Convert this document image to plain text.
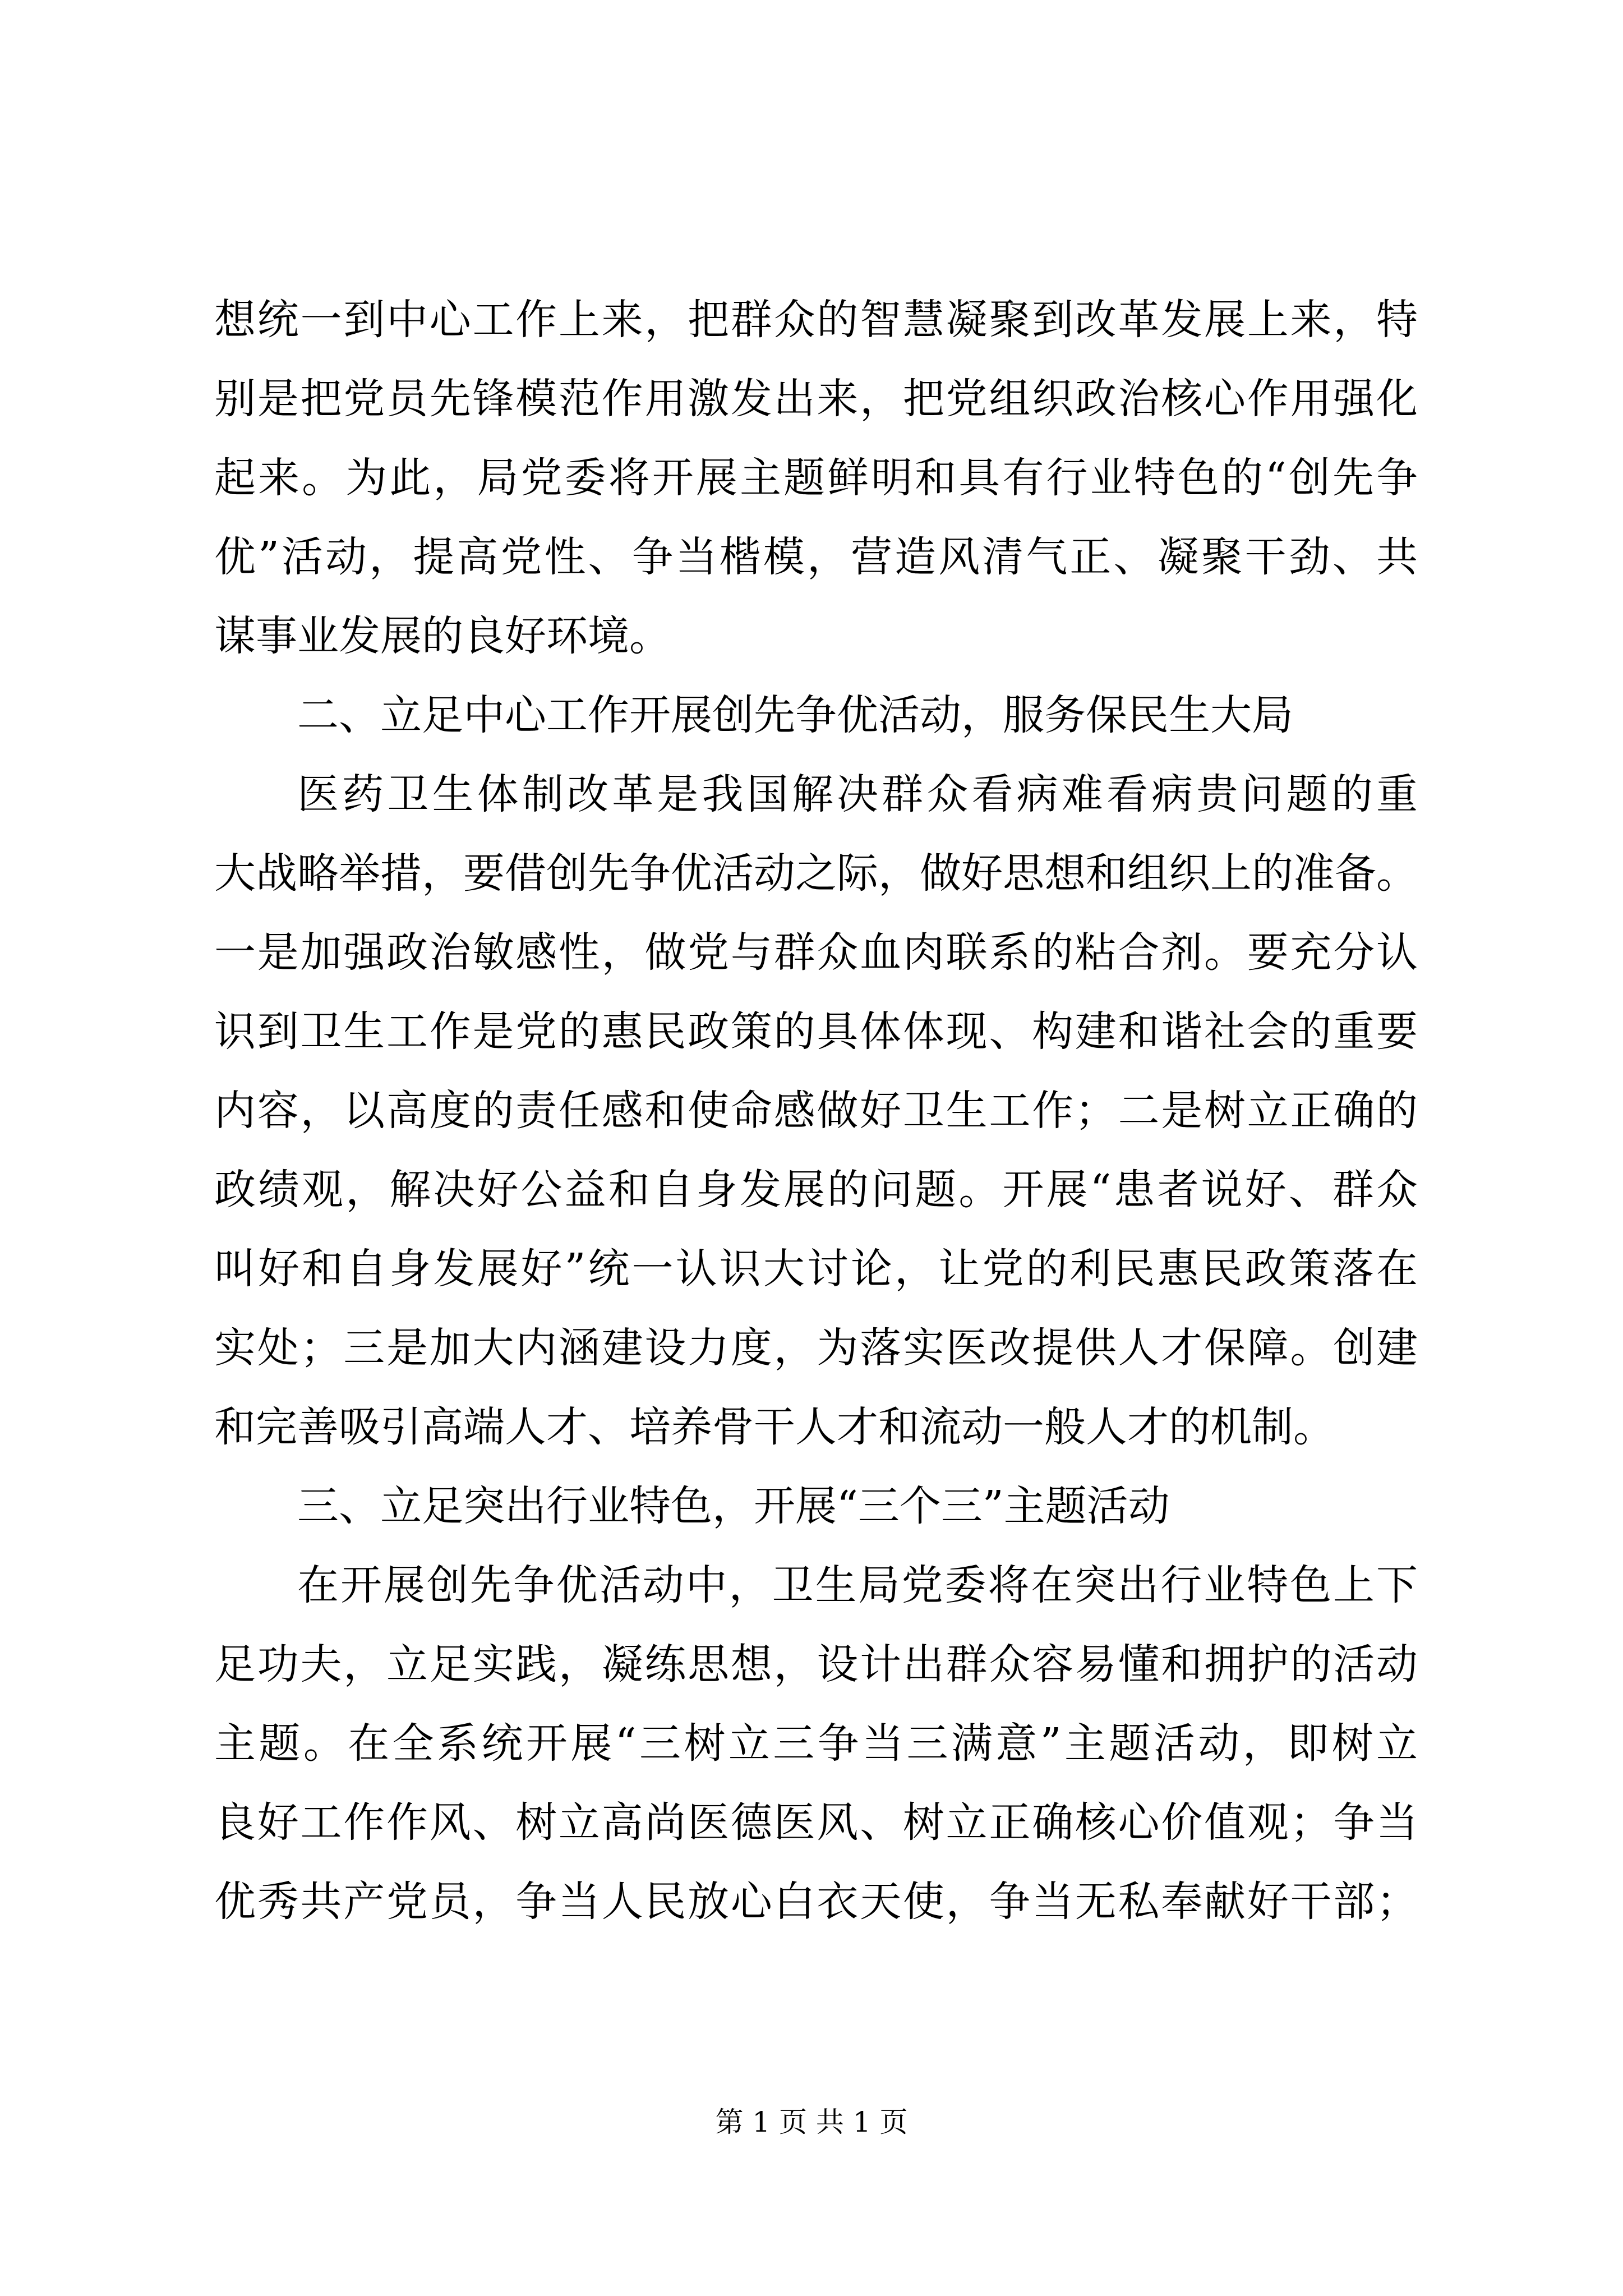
想统一到中心工作上来，把群众的智慧凝聚到改革发展上来，特
别是把党员先锋模范作用激发出来，把党组织政治核心作用强化
起来。为此，局党委将开展主题鲜明和具有行业特色的“创先争
优”活动，提高党性、争当楷模，营造风清气正、凝聚干劲、共
谋事业发展的良好环境。
二、立足中心工作开展创先争优活动，服务保民生大局
医药卫生体制改革是我国解决群众看病难看病贵问题的重
大战略举措，要借创先争优活动之际，做好思想和组织上的准备。
一是加强政治敏感性，做党与群众血肉联系的粘合剂。要充分认
识到卫生工作是党的惠民政策的具体体现、构建和谐社会的重要
内容，以高度的责任感和使命感做好卫生工作；二是树立正确的
政绩观，解决好公益和自身发展的问题。开展“患者说好、群众
叫好和自身发展好”统一认识大讨论，让党的利民惠民政策落在
实处；三是加大内涵建设力度，为落实医改提供人才保障。创建
和完善吸引高端人才、培养骨干人才和流动一般人才的机制。
三、立足突出行业特色，开展“三个三”主题活动
在开展创先争优活动中，卫生局党委将在突出行业特色上下
足功夫，立足实践，凝练思想，设计出群众容易懂和拥护的活动
主题。在全系统开展“三树立三争当三满意”主题活动，即树立
良好工作作风、树立高尚医德医风、树立正确核心价值观；争当
优秀共产党员，争当人民放心白衣天使，争当无私奉献好干部；
第 1 页 共 1 页
